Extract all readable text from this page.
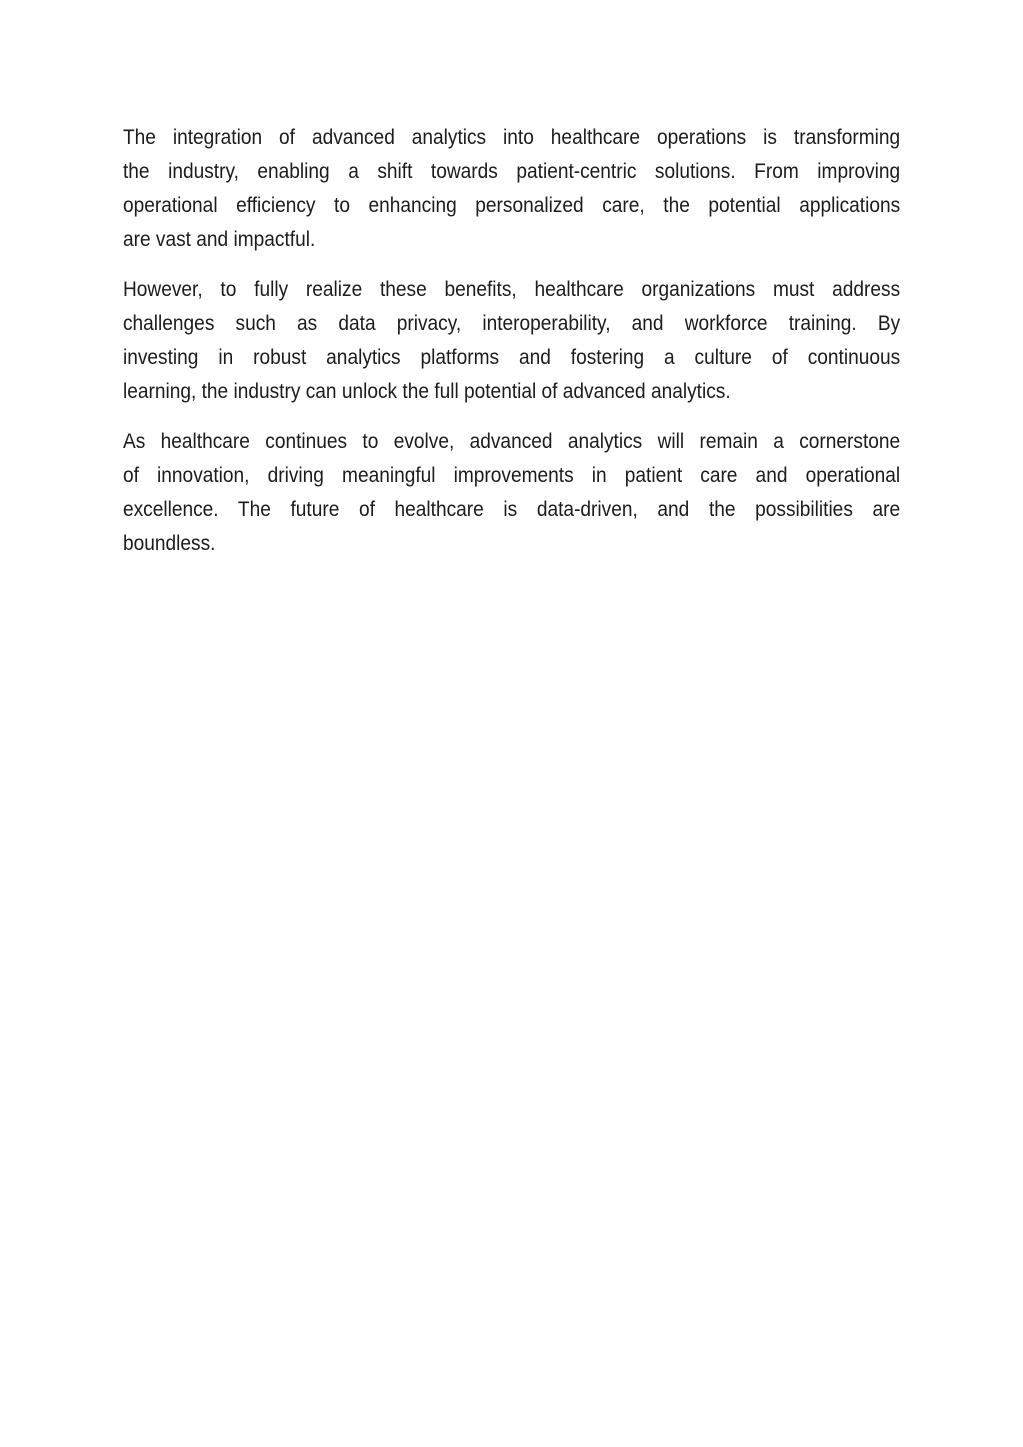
The integration of advanced analytics into healthcare operations is transforming
the industry, enabling a shift towards patient-centric solutions. From improving
operational efficiency to enhancing personalized care, the potential applications
are vast and impactful.

However, to fully realize these benefits, healthcare organizations must address
challenges such as data privacy, interoperability, and workforce training. By
investing in robust analytics platforms and fostering a culture of continuous
learning, the industry can unlock the full potential of advanced analytics.

As healthcare continues to evolve, advanced analytics will remain a cornerstone
of innovation, driving meaningful improvements in patient care and operational
excellence. The future of healthcare is data-driven, and the possibilities are
boundless.
